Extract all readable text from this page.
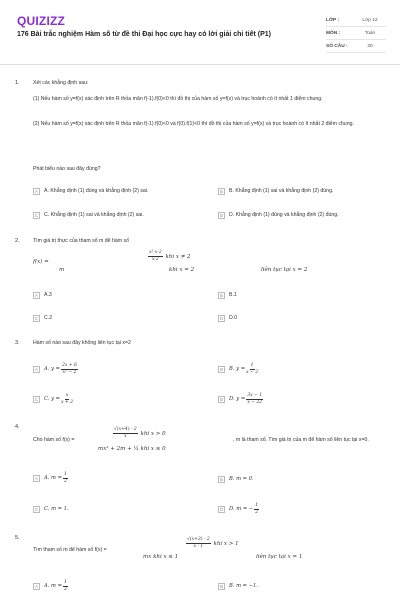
QUIZIZZ
176 Bài trắc nghiệm Hàm số từ đề thi Đại học cực hay có lời giải chi tiết (P1)
LỚP :	Lớp 12
MÔN :	Toán
SỐ CÂU :	30
1.	Xét các khẳng định sau:
(1) Nếu hàm số y=f(x) xác định trên R thỏa mãn f(-1).f(0)<0 thì đồ thị của hàm số y=f(x) và trục hoành có ít nhất 1 điểm chung.
(2) Nếu hàm số y=f(x) xác định trên R thỏa mãn f(-1).f(0)<0 và f(0).f(1)<0 thì đồ thị của hàm số y=f(x) và trục hoành có ít nhất 2 điểm chung.
Phát biểu nào sau đây đúng?
A	A. Khẳng định (1) đúng và khẳng định (2) sai.	B	B. Khẳng định (1) sai và khẳng định (2) đúng.
C	C. Khẳng định (1) sai và khẳng định (2) sai.	D	D. Khẳng định (1) đúng và khẳng định (2) đúng.
2.	Tìm giá trị thực của tham số m để hàm số
f(x) =	$\frac{\text{x²-x-2}}{x-2}$ khi x ≠ 2
m	khi x = 2	liên tục tại x = 2
A	A.3	B	B.1
C	C.2	D	D.0
3.	Hàm số nào sau đây không liên tục tại x=2
A	A. $y = \frac{2x + 6}{\text{x² − 2}}$	B	B. $y = \frac{1}{x - 2}$
C	C. $y = \frac{x}{x + 2}$	D	D. $y = \frac{3x - 1}{x - 22}$
4.
Cho hàm số f(x) =	$\frac{√(x+4) - 2}{x}$ khi x > 0
mx² + 2m + ¼ khi x ≤ 0
, m là tham số. Tìm giá trị của m để hàm số liên tục tại x=0.
A	A. $m = \frac{1}{2}$	B	B. m = 0.
C	C. m = 1.	D	D. m = − $\frac{1}{2}$
5.
Tìm tham số m để hàm số f(x) =	$\frac{√(x+3) - 2}{x - 1}$ khi x > 1
mx khi x ≤ 1	liên tục tại x = 1
A	A. $m = \frac{1}{2}$	B	B. m = −1.
